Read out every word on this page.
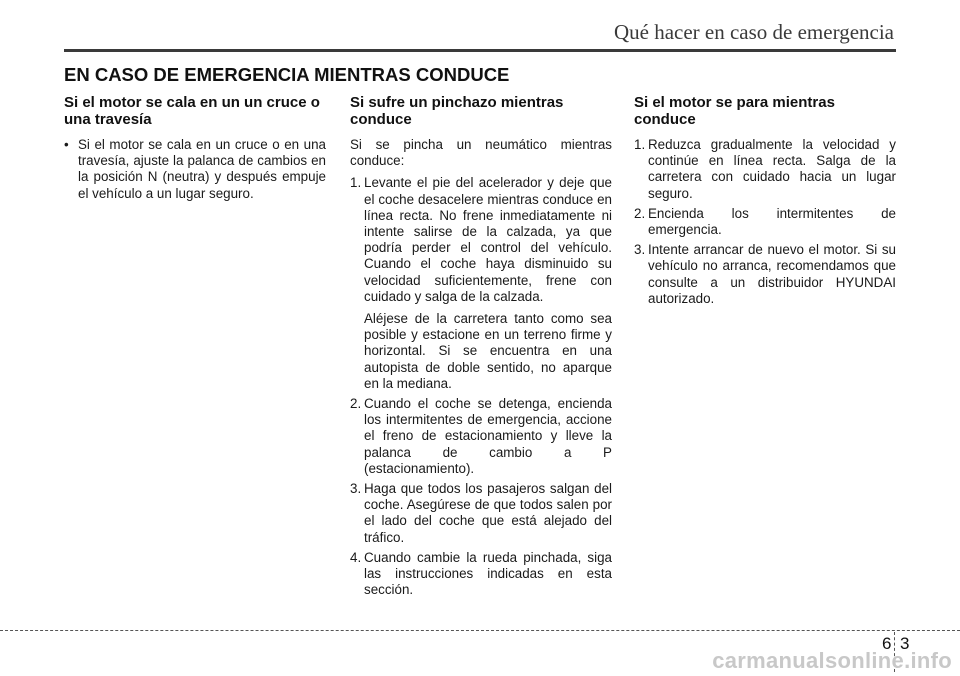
Qué hacer en caso de emergencia
EN CASO DE EMERGENCIA MIENTRAS CONDUCE
Si el motor se cala en un un cruce o una travesía
• Si el motor se cala en un cruce o en una travesía, ajuste la palanca de cambios en la posición N (neutra) y después empuje el vehículo a un lugar seguro.
Si sufre un pinchazo mientras conduce

Si se pincha un neumático mientras conduce:

1. Levante el pie del acelerador y deje que el coche desacelere mientras conduce en línea recta. No frene inmediatamente ni intente salirse de la calzada, ya que podría perder el control del vehículo. Cuando el coche haya disminuido su velocidad suficientemente, frene con cuidado y salga de la calzada.

Aléjese de la carretera tanto como sea posible y estacione en un terreno firme y horizontal. Si se encuentra en una autopista de doble sentido, no aparque en la mediana.

2. Cuando el coche se detenga, encienda los intermitentes de emergencia, accione el freno de estacionamiento y lleve la palanca de cambio a P (estacionamiento).

3. Haga que todos los pasajeros salgan del coche. Asegúrese de que todos salen por el lado del coche que está alejado del tráfico.

4. Cuando cambie la rueda pinchada, siga las instrucciones indicadas en esta sección.

Si el motor se para mientras conduce
1. Reduzca gradualmente la velocidad y continúe en línea recta. Salga de la carretera con cuidado hacia un lugar seguro.

2. Encienda los intermitentes de emergencia.

3. Intente arrancar de nuevo el motor. Si su vehículo no arranca, recomendamos que consulte a un distribuidor HYUNDAI autorizado.

6 3
carmanualsonline.info
